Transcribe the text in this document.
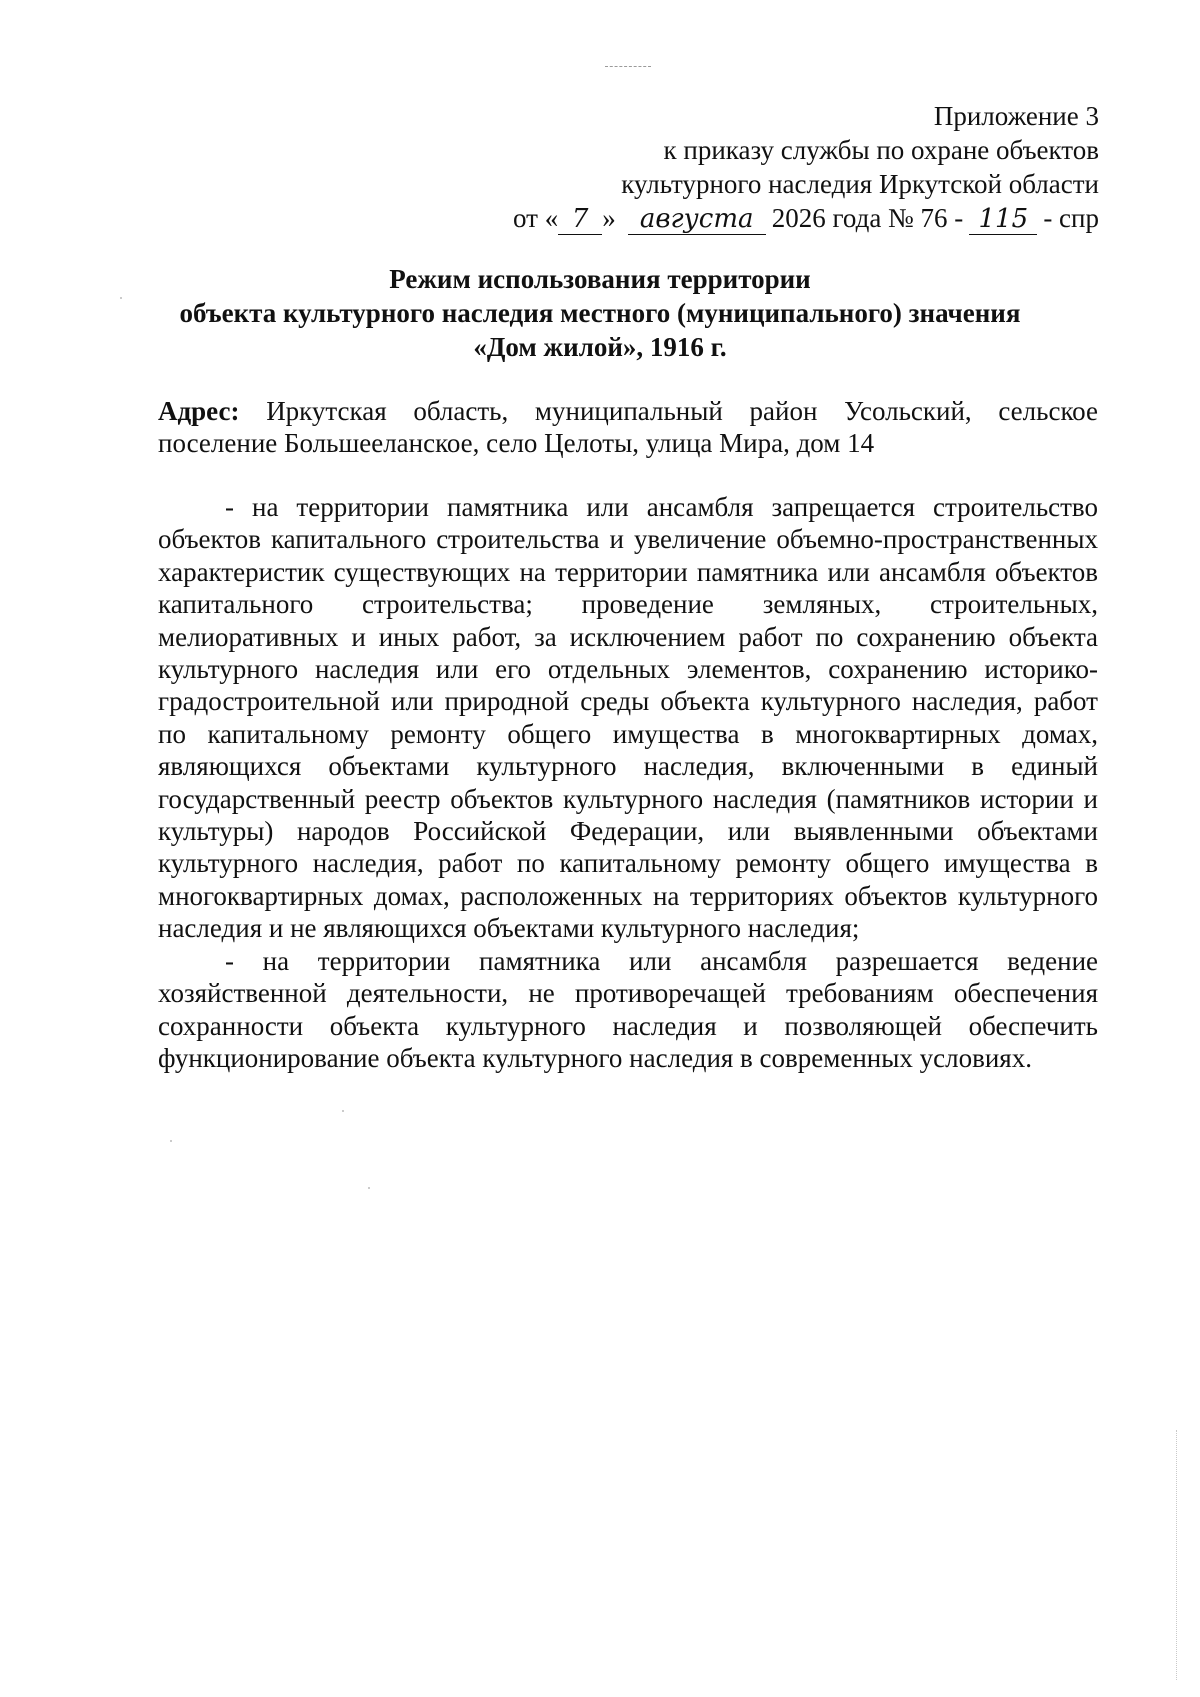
Приложение 3
к приказу службы по охране объектов
культурного наследия Иркутской области
от « 7 » августа 2026 года № 76 - 115 - спр
Режим использования территории
объекта культурного наследия местного (муниципального) значения
«Дом жилой», 1916 г.
Адрес: Иркутская область, муниципальный район Усольский, сельское поселение Большееланское, село Целоты, улица Мира, дом 14

- на территории памятника или ансамбля запрещается строительство объектов капитального строительства и увеличение объемно-пространственных характеристик существующих на территории памятника или ансамбля объектов капитального строительства; проведение земляных, строительных, мелиоративных и иных работ, за исключением работ по сохранению объекта культурного наследия или его отдельных элементов, сохранению историко-градостроительной или природной среды объекта культурного наследия, работ по капитальному ремонту общего имущества в многоквартирных домах, являющихся объектами культурного наследия, включенными в единый государственный реестр объектов культурного наследия (памятников истории и культуры) народов Российской Федерации, или выявленными объектами культурного наследия, работ по капитальному ремонту общего имущества в многоквартирных домах, расположенных на территориях объектов культурного наследия и не являющихся объектами культурного наследия;

- на территории памятника или ансамбля разрешается ведение хозяйственной деятельности, не противоречащей требованиям обеспечения сохранности объекта культурного наследия и позволяющей обеспечить функционирование объекта культурного наследия в современных условиях.
